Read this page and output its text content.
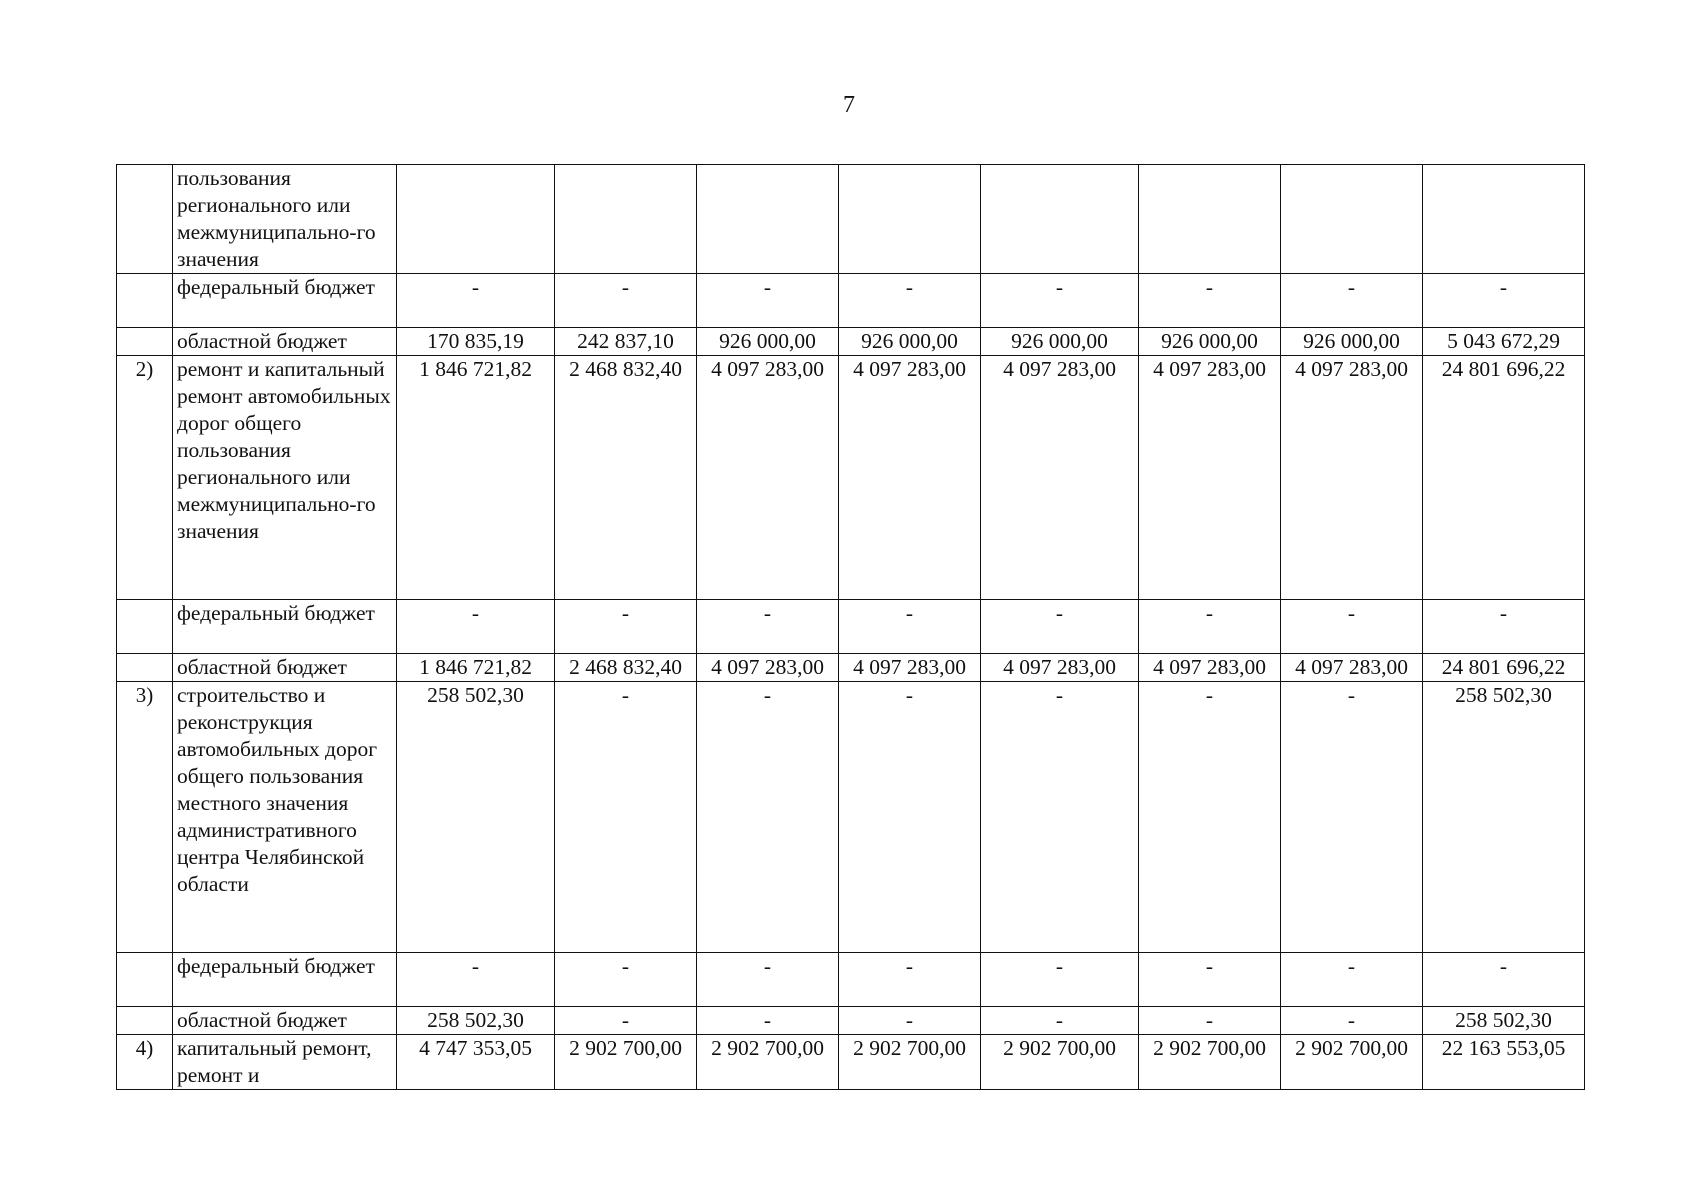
7
	пользования регионального или межмуниципально-го значения								
	федеральный бюджет	-	-	-	-	-	-	-	-
	областной бюджет	170 835,19	242 837,10	926 000,00	926 000,00	926 000,00	926 000,00	926 000,00	5 043 672,29
2)	ремонт и капитальный ремонт автомобильных дорог общего пользования регионального или межмуниципально-го значения	1 846 721,82	2 468 832,40	4 097 283,00	4 097 283,00	4 097 283,00	4 097 283,00	4 097 283,00	24 801 696,22
	федеральный бюджет	-	-	-	-	-	-	-	-
	областной бюджет	1 846 721,82	2 468 832,40	4 097 283,00	4 097 283,00	4 097 283,00	4 097 283,00	4 097 283,00	24 801 696,22
3)	строительство и реконструкция автомобильных дорог общего пользования местного значения административного центра Челябинской области	258 502,30	-	-	-	-	-	-	258 502,30
	федеральный бюджет	-	-	-	-	-	-	-	-
	областной бюджет	258 502,30	-	-	-	-	-	-	258 502,30
4)	капитальный ремонт, ремонт и	4 747 353,05	2 902 700,00	2 902 700,00	2 902 700,00	2 902 700,00	2 902 700,00	2 902 700,00	22 163 553,05
